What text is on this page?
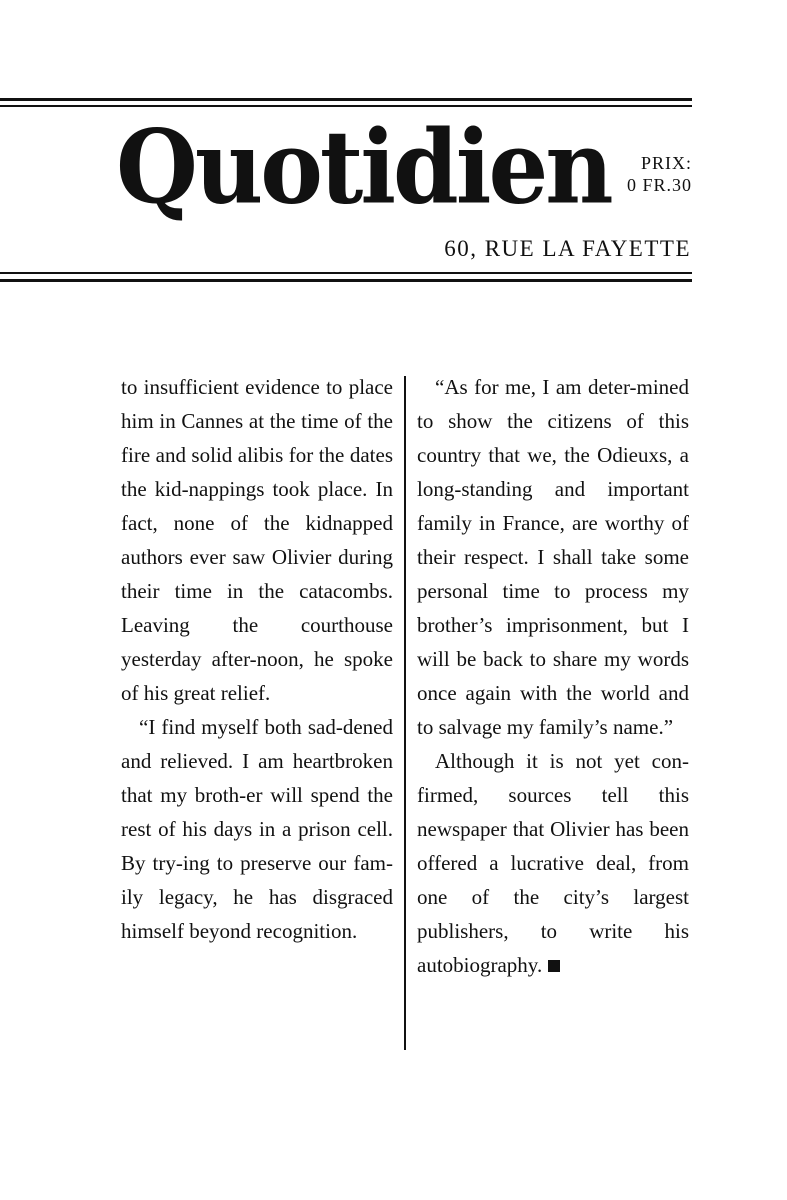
Quotidien	PRIX:
0 FR.30
60, RUE LA FAYETTE

to insufficient evidence to place him in Cannes at the time of the fire and solid alibis for the dates the kid-nappings took place. In fact, none of the kidnapped authors ever saw Olivier during their time in the catacombs. Leaving the courthouse yesterday after-noon, he spoke of his great relief.

“I find myself both sad-dened and relieved. I am heartbroken that my broth-er will spend the rest of his days in a prison cell. By try-ing to preserve our fam-ily legacy, he has disgraced himself beyond recognition.

“As for me, I am deter-mined to show the citizens of this country that we, the Odieuxs, a long-standing and important family in France, are worthy of their respect. I shall take some personal time to process my brother’s imprisonment, but I will be back to share my words once again with the world and to salvage my family’s name.”

Although it is not yet con-firmed, sources tell this newspaper that Olivier has been offered a lucrative deal, from one of the city’s largest publishers, to write his autobiography.
